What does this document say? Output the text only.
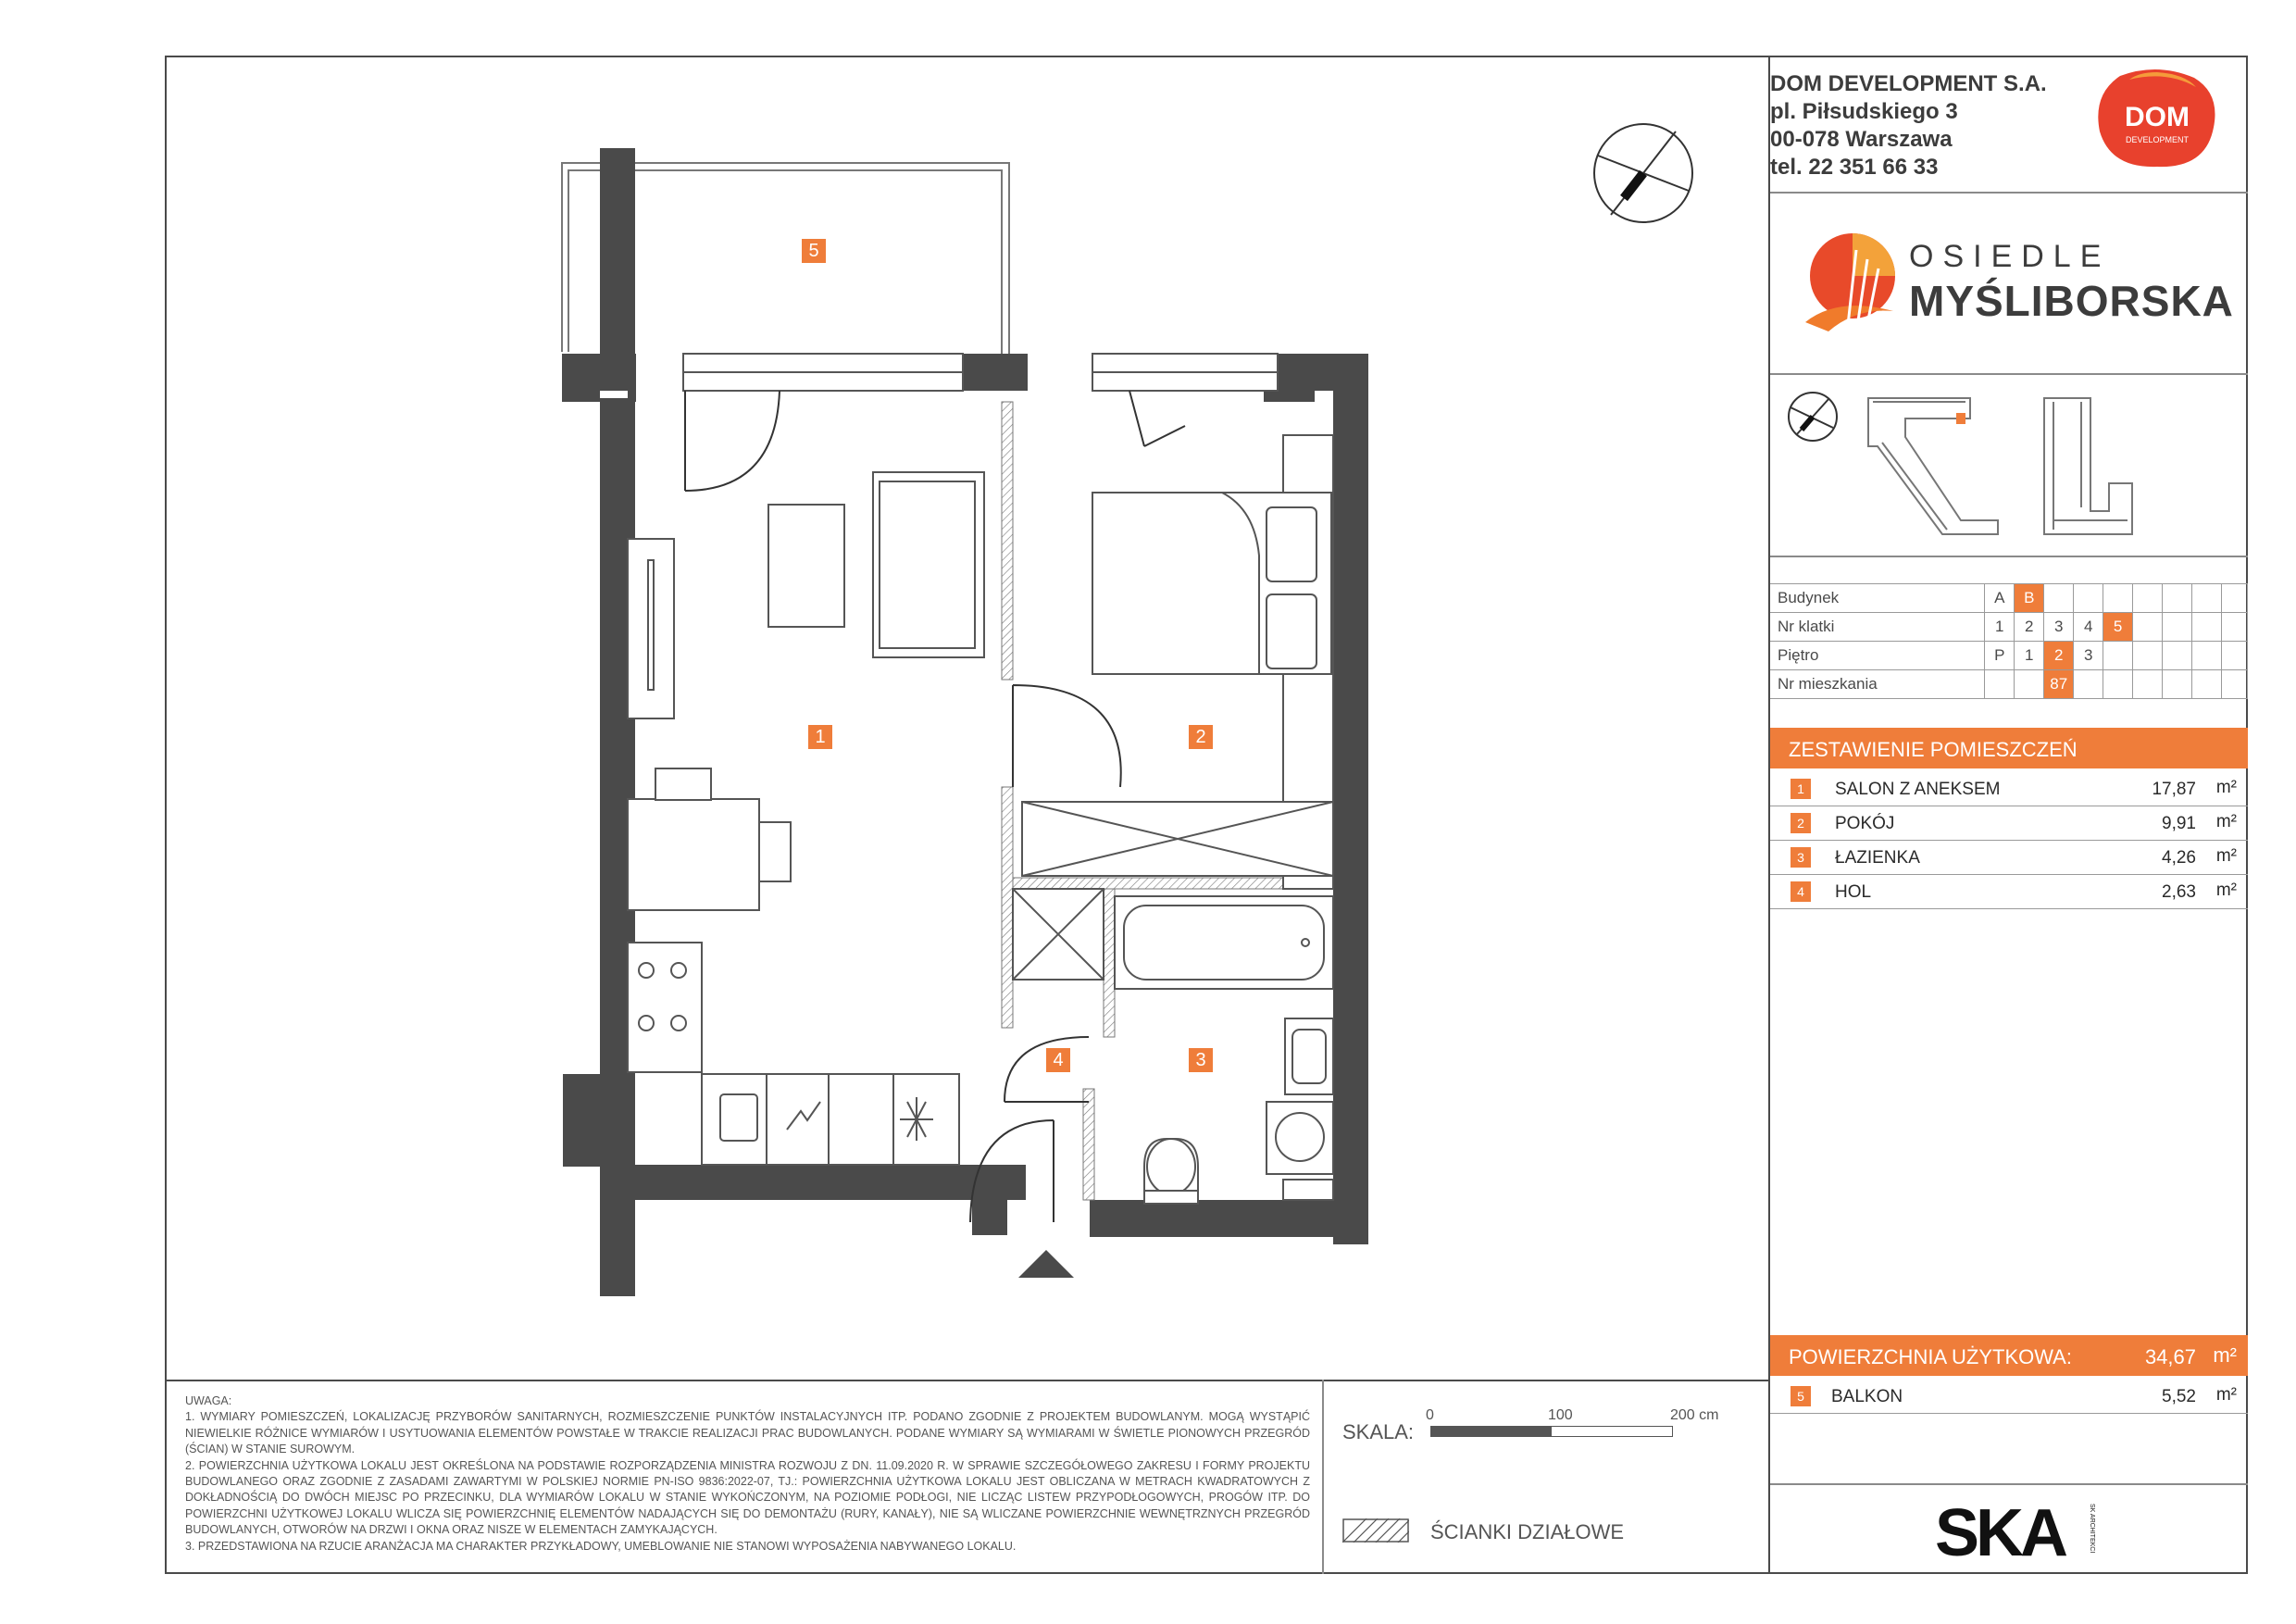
DOM DEVELOPMENT S.A.
pl. Piłsudskiego 3
00-078 Warszawa
tel. 22 351 66 33
DOM
DEVELOPMENT
OSIEDLE
MYŚLIBORSKA
Budynek	A	B							
Nr klatki	1	2	3	4	5				
Piętro	P	1	2	3					
Nr mieszkania			87						
ZESTAWIENIE POMIESZCZEŃ
1	SALON Z ANEKSEM	17,87 m²
2	POKÓJ	9,91 m²
3	ŁAZIENKA	4,26 m²
4	HOL	2,63 m²
POWIERZCHNIA UŻYTKOWA:	34,67 m²
5	BALKON	5,52 m²
SKA	SK ARCHITEKCI

UWAGA:

1. WYMIARY POMIESZCZEŃ, LOKALIZACJĘ PRZYBORÓW SANITARNYCH, ROZMIESZCZENIE PUNKTÓW INSTALACYJNYCH ITP. PODANO ZGODNIE Z PROJEKTEM BUDOWLANYM. MOGĄ WYSTĄPIĆ NIEWIELKIE RÓŻNICE WYMIARÓW I USYTUOWANIA ELEMENTÓW POWSTAŁE W TRAKCIE REALIZACJI PRAC BUDOWLANYCH. PODANE WYMIARY SĄ WYMIARAMI W ŚWIETLE PIONOWYCH PRZEGRÓD (ŚCIAN) W STANIE SUROWYM.

2. POWIERZCHNIA UŻYTKOWA LOKALU JEST OKREŚLONA NA PODSTAWIE ROZPORZĄDZENIA MINISTRA ROZWOJU Z DN. 11.09.2020 R. W SPRAWIE SZCZEGÓŁOWEGO ZAKRESU I FORMY PROJEKTU BUDOWLANEGO ORAZ ZGODNIE Z ZASADAMI ZAWARTYMI W POLSKIEJ NORMIE PN-ISO 9836:2022-07, TJ.: POWIERZCHNIA UŻYTKOWA LOKALU JEST OBLICZANA W METRACH KWADRATOWYCH Z DOKŁADNOŚCIĄ DO DWÓCH MIEJSC PO PRZECINKU, DLA WYMIARÓW LOKALU W STANIE WYKOŃCZONYM, NA POZIOMIE PODŁOGI, NIE LICZĄC LISTEW PRZYPODŁOGOWYCH, PROGÓW ITP. DO POWIERZCHNI UŻYTKOWEJ LOKALU WLICZA SIĘ POWIERZCHNIĘ ELEMENTÓW NADAJĄCYCH SIĘ DO DEMONTAŻU (RURY, KANAŁY), NIE SĄ WLICZANE POWIERZCHNIE WEWNĘTRZNYCH PRZEGRÓD BUDOWLANYCH, OTWORÓW NA DRZWI I OKNA ORAZ NISZE W ELEMENTACH ZAMYKAJĄCYCH.

3. PRZEDSTAWIONA NA RZUCIE ARANŻACJA MA CHARAKTER PRZYKŁADOWY, UMEBLOWANIE NIE STANOWI WYPOSAŻENIA NABYWANEGO LOKALU.

SKALA:
0	100	200 cm
ŚCIANKI DZIAŁOWE
5
1	2
4	3
